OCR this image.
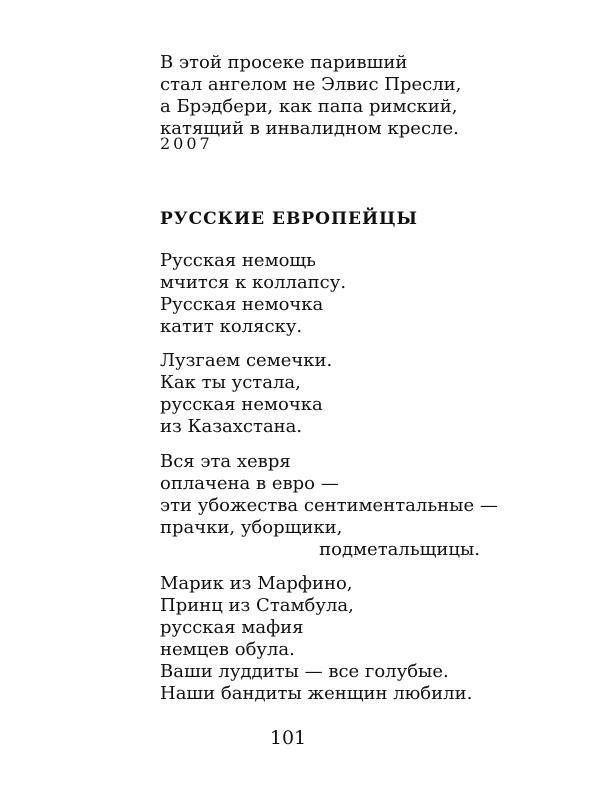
В этой просеке паривший
стал ангелом не Элвис Пресли,
а Брэдбери, как папа римский,
катящий в инвалидном кресле.
2007
РУССКИЕ ЕВРОПЕЙЦЫ
Русская немощь
мчится к коллапсу.
Русская немочка
катит коляску.
Лузгаем семечки.
Как ты устала,
русская немочка
из Казахстана.
Вся эта хевря
оплачена в евро —
эти убожества сентиментальные —
прачки, уборщики,
подметальщицы.
Марик из Марфино,
Принц из Стамбула,
русская мафия
немцев обула.
Ваши луддиты — все голубые.
Наши бандиты женщин любили.
101
